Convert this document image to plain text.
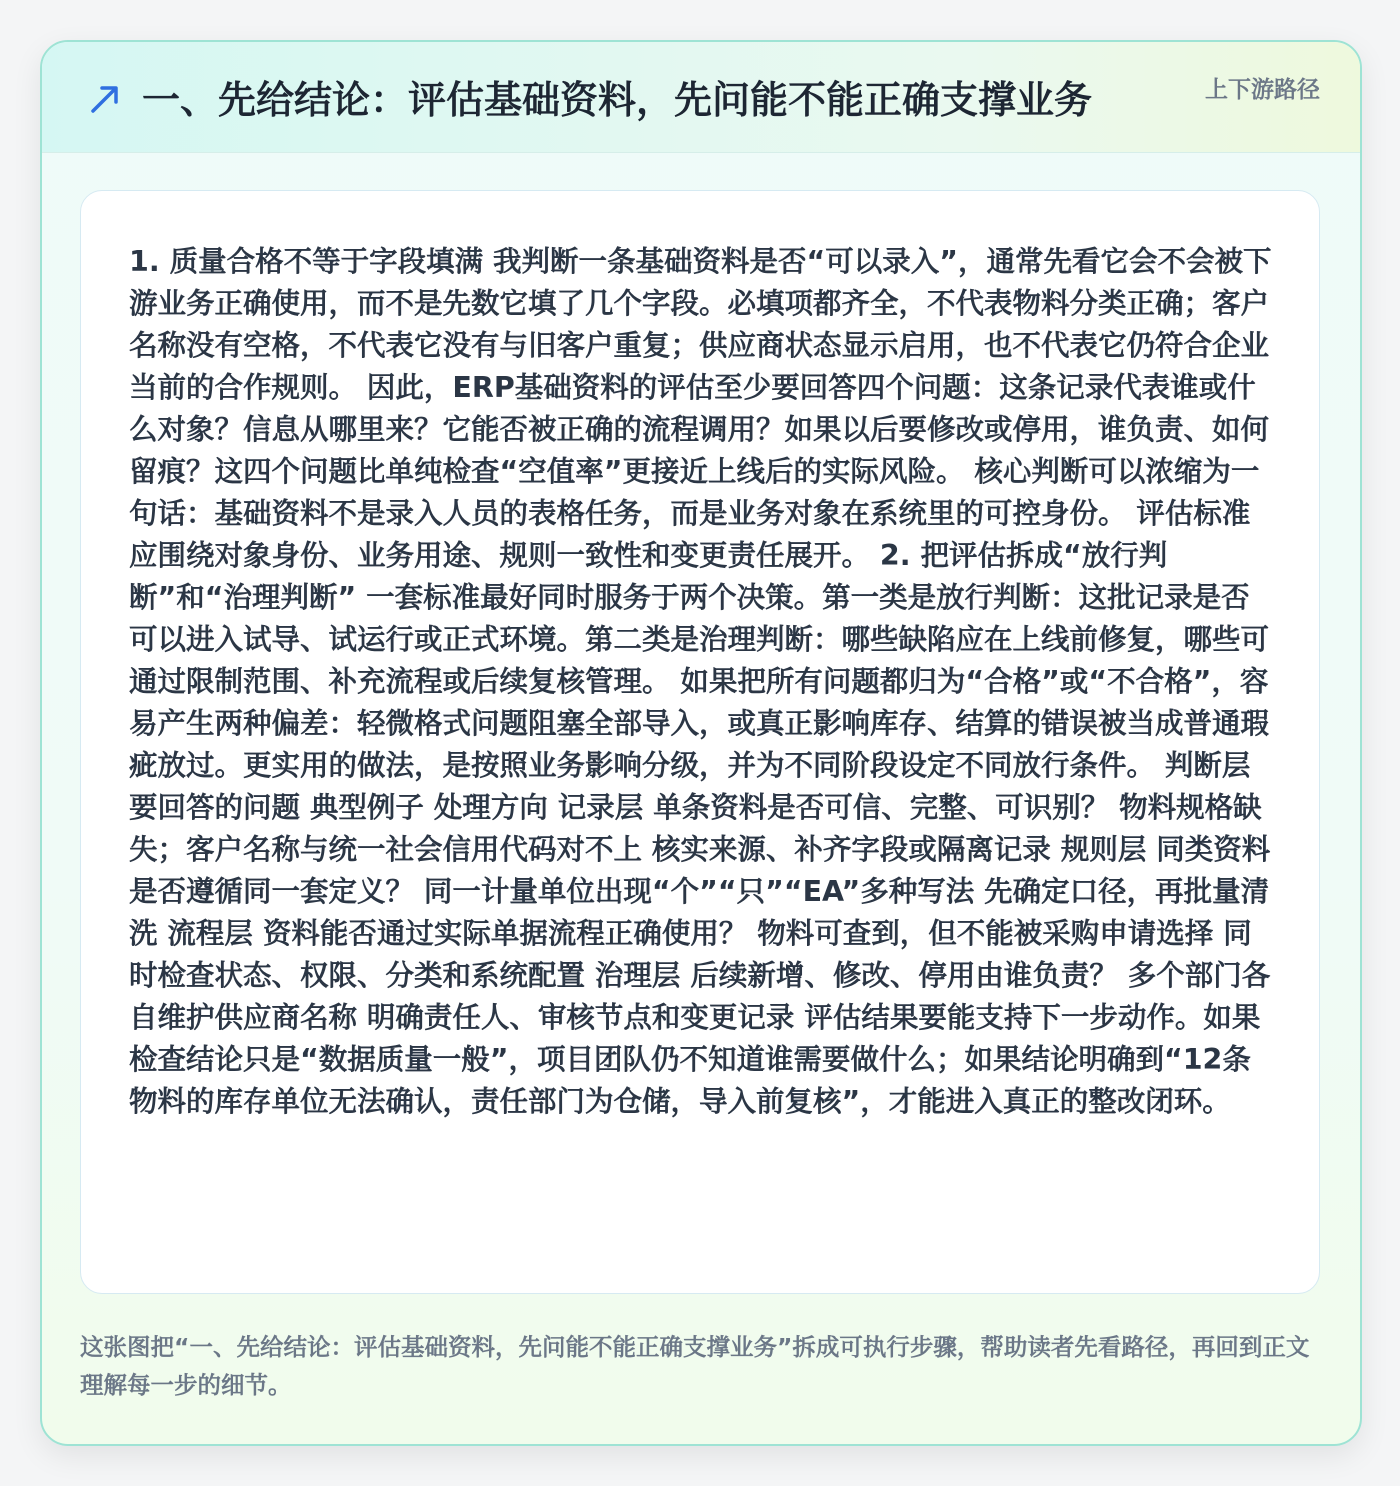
一、先给结论：评估基础资料，先问能不能正确支撑业务	上下游路径

1. 质量合格不等于字段填满 我判断一条基础资料是否“可以录入”，通常先看它会不会被下游业务正确使用，而不是先数它填了几个字段。必填项都齐全，不代表物料分类正确；客户名称没有空格，不代表它没有与旧客户重复；供应商状态显示启用，也不代表它仍符合企业当前的合作规则。 因此，ERP基础资料的评估至少要回答四个问题：这条记录代表谁或什么对象？信息从哪里来？它能否被正确的流程调用？如果以后要修改或停用，谁负责、如何留痕？这四个问题比单纯检查“空值率”更接近上线后的实际风险。 核心判断可以浓缩为一句话：基础资料不是录入人员的表格任务，而是业务对象在系统里的可控身份。 评估标准应围绕对象身份、业务用途、规则一致性和变更责任展开。 2. 把评估拆成“放行判断”和“治理判断” 一套标准最好同时服务于两个决策。第一类是放行判断：这批记录是否可以进入试导、试运行或正式环境。第二类是治理判断：哪些缺陷应在上线前修复，哪些可通过限制范围、补充流程或后续复核管理。 如果把所有问题都归为“合格”或“不合格”，容易产生两种偏差：轻微格式问题阻塞全部导入，或真正影响库存、结算的错误被当成普通瑕疵放过。更实用的做法，是按照业务影响分级，并为不同阶段设定不同放行条件。 判断层 要回答的问题 典型例子 处理方向 记录层 单条资料是否可信、完整、可识别？ 物料规格缺失；客户名称与统一社会信用代码对不上 核实来源、补齐字段或隔离记录 规则层 同类资料是否遵循同一套定义？ 同一计量单位出现“个”“只”“EA”多种写法 先确定口径，再批量清洗 流程层 资料能否通过实际单据流程正确使用？ 物料可查到，但不能被采购申请选择 同时检查状态、权限、分类和系统配置 治理层 后续新增、修改、停用由谁负责？ 多个部门各自维护供应商名称 明确责任人、审核节点和变更记录 评估结果要能支持下一步动作。如果检查结论只是“数据质量一般”，项目团队仍不知道谁需要做什么；如果结论明确到“12条物料的库存单位无法确认，责任部门为仓储，导入前复核”，才能进入真正的整改闭环。

这张图把“一、先给结论：评估基础资料，先问能不能正确支撑业务”拆成可执行步骤，帮助读者先看路径，再回到正文理解每一步的细节。
